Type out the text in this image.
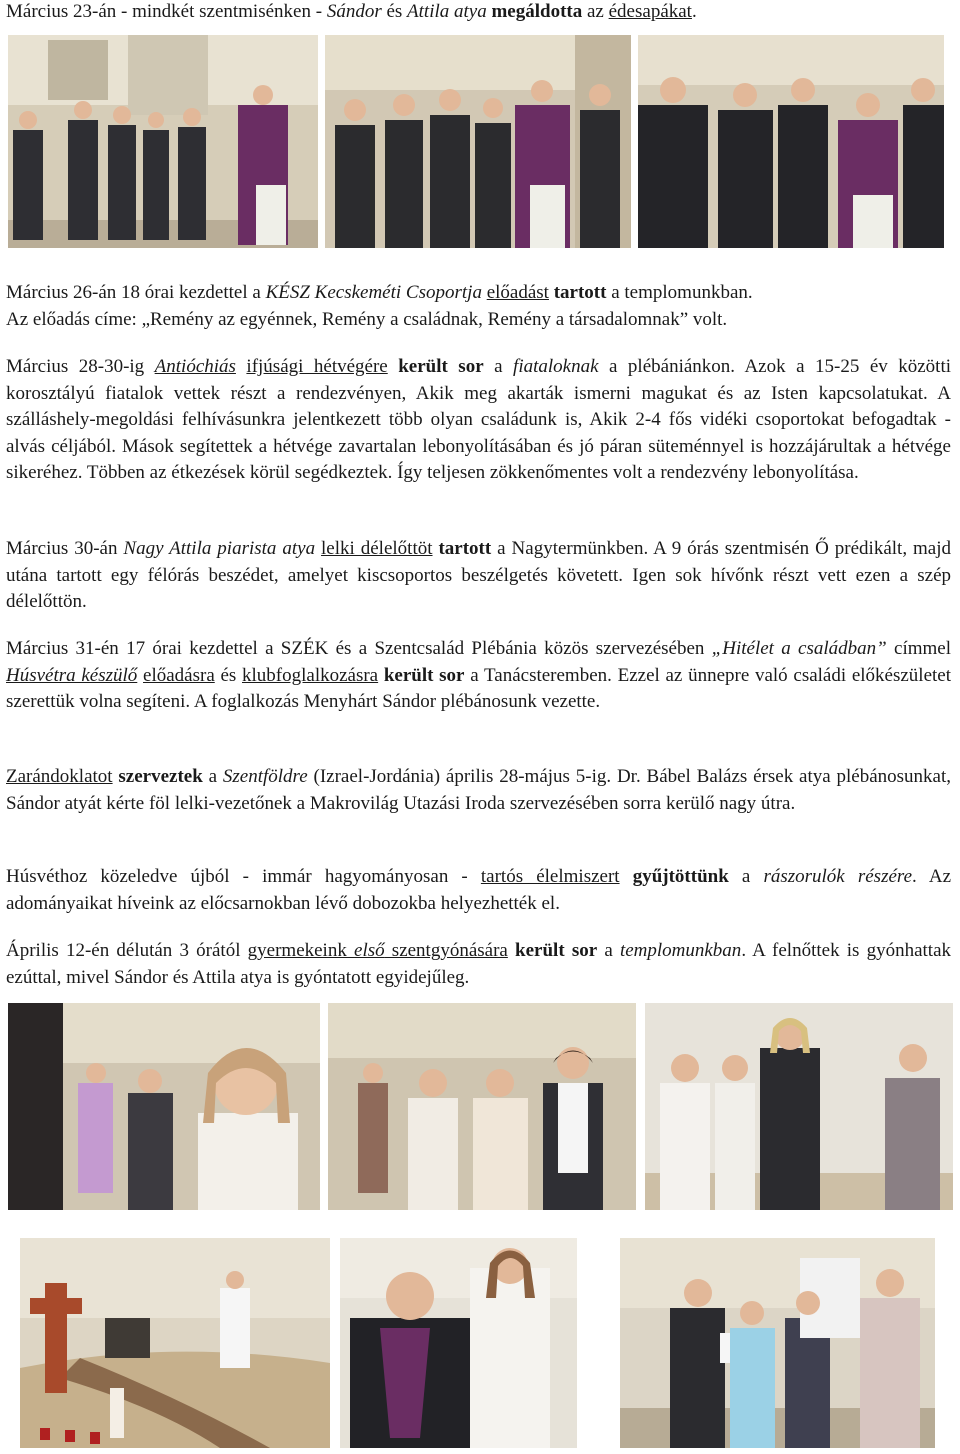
Március 23-án - mindkét szentmisénken - Sándor és Attila atya megáldotta az édesapákat.

Március 26-án 18 órai kezdettel a KÉSZ Kecskeméti Csoportja előadást tartott a templomunkban.
Az előadás címe: „Remény az egyénnek, Remény a családnak, Remény a társadalomnak” volt.

Március 28-30-ig Antióchiás ifjúsági hétvégére került sor a fiataloknak a plébániánkon. Azok a 15-25 év közötti korosztályú fiatalok vettek részt a rendezvényen, Akik meg akarták ismerni magukat és az Isten kapcsolatukat. A szálláshely-megoldási felhívásunkra jelentkezett több olyan családunk is, Akik 2-4 fős vidéki csoportokat befogadtak - alvás céljából. Mások segítettek a hétvége zavartalan lebonyolításában és jó páran süteménnyel is hozzájárultak a hétvége sikeréhez. Többen az étkezések körül segédkeztek. Így teljesen zökkenőmentes volt a rendezvény lebonyolítása.

Március 30-án Nagy Attila piarista atya lelki délelőttöt tartott a Nagytermünkben. A 9 órás szentmisén Ő prédikált, majd utána tartott egy félórás beszédet, amelyet kiscsoportos beszélgetés követett. Igen sok hívőnk részt vett ezen a szép délelőttön.

Március 31-én 17 órai kezdettel a SZÉK és a Szentcsalád Plébánia közös szervezésében „Hitélet a családban” címmel Húsvétra készülő előadásra és klubfoglalkozásra került sor a Tanácsteremben. Ezzel az ünnepre való családi előkészületet szerettük volna segíteni. A foglalkozás Menyhárt Sándor plébánosunk vezette.

Zarándoklatot szerveztek a Szentföldre (Izrael-Jordánia) április 28-május 5-ig. Dr. Bábel Balázs érsek atya plébánosunkat, Sándor atyát kérte föl lelki-vezetőnek a Makrovilág Utazási Iroda szervezésében sorra kerülő nagy útra.

Húsvéthoz közeledve újból - immár hagyományosan - tartós élelmiszert gyűjtöttünk a rászorulók részére. Az adományaikat híveink az előcsarnokban lévő dobozokba helyezhették el.

Április 12-én délután 3 órától gyermekeink első szentgyónására került sor a templomunkban. A felnőttek is gyónhattak ezúttal, mivel Sándor és Attila atya is gyóntatott egyidejűleg.
